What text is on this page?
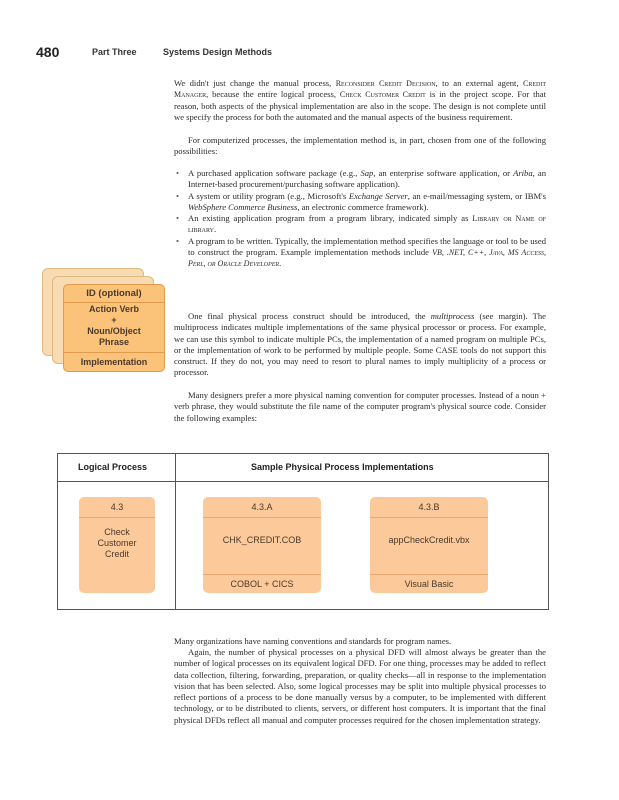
480	Part Three	Systems Design Methods

We didn't just change the manual process, Reconsider Credit Decision, to an external agent, Credit Manager, because the entire logical process, Check Customer Credit is in the project scope. For that reason, both aspects of the physical implementation are also in the scope. The design is not complete until we specify the process for both the automated and the manual aspects of the business requirement.

For computerized processes, the implementation method is, in part, chosen from one of the following possibilities:

• A purchased application software package (e.g., Sap, an enterprise software application, or Ariba, an Internet-based procurement/purchasing software application).
• A system or utility program (e.g., Microsoft's Exchange Server, an e-mail/messaging system, or IBM's WebSphere Commerce Business, an electronic commerce framework).
• An existing application program from a program library, indicated simply as Library or Name of library.
• A program to be written. Typically, the implementation method specifies the language or tool to be used to construct the program. Example implementation methods include VB, .NET, C++, Java, MS Access, Perl, or Oracle Developer.

One final physical process construct should be introduced, the multiprocess (see margin). The multiprocess indicates multiple implementations of the same physical processor or process. For example, we can use this symbol to indicate multiple PCs, the implementation of a named program on multiple PCs, or the implementation of work to be performed by multiple people. Some CASE tools do not support this construct. If they do not, you may need to resort to plural names to imply multiplicity of a process or processor.

Many designers prefer a more physical naming convention for computer processes. Instead of a noun + verb phrase, they would substitute the file name of the computer program's physical source code. Consider the following examples:

ID (optional)
Action Verb
+
Noun/Object
Phrase
Implementation
Logical Process	Sample Physical Process Implementations
4.3
Check
Customer
Credit
4.3.A
CHK_CREDIT.COB
COBOL + CICS
4.3.B
appCheckCredit.vbx
Visual Basic

Many organizations have naming conventions and standards for program names.

Again, the number of physical processes on a physical DFD will almost always be greater than the number of logical processes on its equivalent logical DFD. For one thing, processes may be added to reflect data collection, filtering, forwarding, preparation, or quality checks—all in response to the implementation vision that has been selected. Also, some logical processes may be split into multiple physical processes to reflect portions of a process to be done manually versus by a computer, to be implemented with different technology, or to be distributed to clients, servers, or different host computers. It is important that the final physical DFDs reflect all manual and computer processes required for the chosen implementation strategy.
